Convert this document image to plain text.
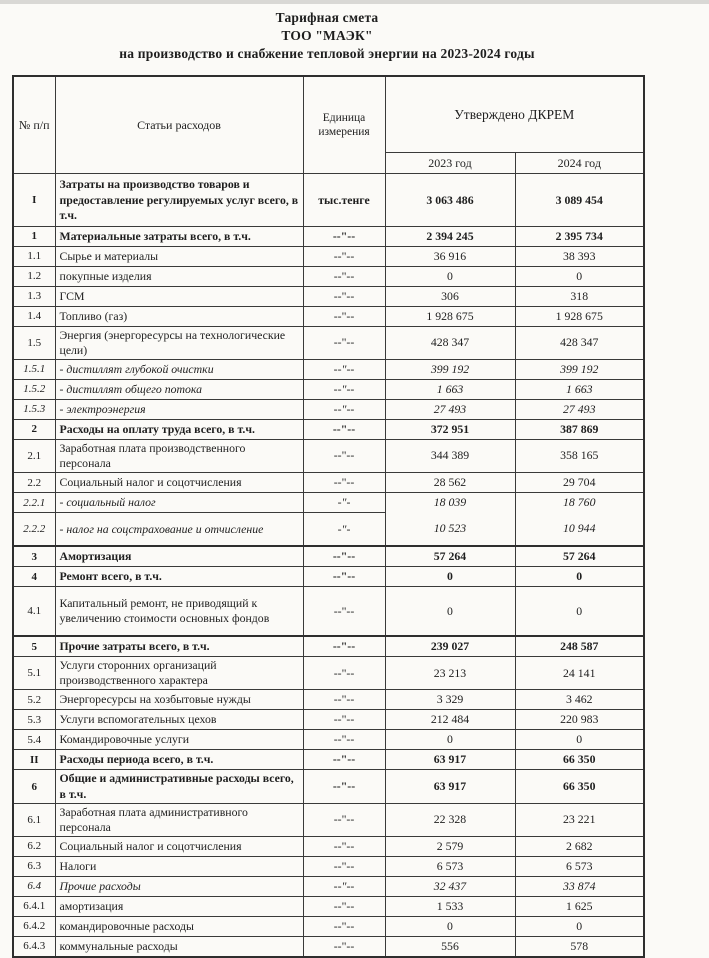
Тарифная смета
ТОО "МАЭК"
на производство и снабжение тепловой энергии на 2023-2024 годы
№ п/п	Статьи расходов	Единица измерения	Утверждено ДКРЕМ	
			2023 год	2024 год
I	Затраты на производство товаров и предоставление регулируемых услуг всего, в т.ч.	тыс.тенге	3 063 486	3 089 454
1	Материальные затраты всего, в т.ч.	--"--	2 394 245	2 395 734
1.1	Сырье и материалы	--"--	36 916	38 393
1.2	покупные изделия	--"--	0	0
1.3	ГСМ	--"--	306	318
1.4	Топливо (газ)	--"--	1 928 675	1 928 675
1.5	Энергия (энергоресурсы на технологические цели)	--"--	428 347	428 347
1.5.1	- дистиллят глубокой очистки	--"--	399 192	399 192
1.5.2	- дистиллят общего потока	--"--	1 663	1 663
1.5.3	- электроэнергия	--"--	27 493	27 493
2	Расходы на оплату труда всего, в т.ч.	--"--	372 951	387 869
2.1	Заработная плата производственного персонала	--"--	344 389	358 165
2.2	Социальный налог и соцотчисления	--"--	28 562	29 704
2.2.1	- социальный налог	-"-	18 039	18 760
2.2.2	- налог на соцстрахование и отчисление	-"-	10 523	10 944
3	Амортизация	--"--	57 264	57 264
4	Ремонт всего, в т.ч.	--"--	0	0
4.1	Капитальный ремонт, не приводящий к увеличению стоимости основных фондов	--"--	0	0
5	Прочие затраты всего, в т.ч.	--"--	239 027	248 587
5.1	Услуги сторонних организаций производственного характера	--"--	23 213	24 141
5.2	Энергоресурсы на хозбытовые нужды	--"--	3 329	3 462
5.3	Услуги вспомогательных цехов	--"--	212 484	220 983
5.4	Командировочные услуги	--"--	0	0
II	Расходы периода всего, в т.ч.	--"--	63 917	66 350
6	Общие и административные расходы всего, в т.ч.	--"--	63 917	66 350
6.1	Заработная плата административного персонала	--"--	22 328	23 221
6.2	Социальный налог и соцотчисления	--"--	2 579	2 682
6.3	Налоги	--"--	6 573	6 573
6.4	Прочие расходы	--"--	32 437	33 874
6.4.1	амортизация	--"--	1 533	1 625
6.4.2	командировочные расходы	--"--	0	0
6.4.3	коммунальные расходы	--"--	556	578
